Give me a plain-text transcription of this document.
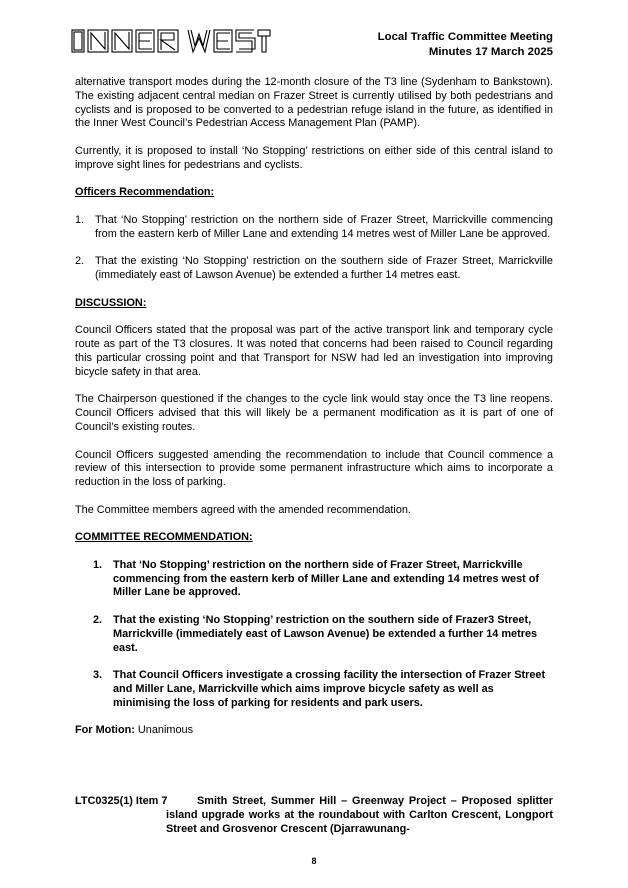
Local Traffic Committee Meeting
Minutes 17 March 2025

alternative transport modes during the 12-month closure of the T3 line (Sydenham to Bankstown). The existing adjacent central median on Frazer Street is currently utilised by both pedestrians and cyclists and is proposed to be converted to a pedestrian refuge island in the future, as identified in the Inner West Council’s Pedestrian Access Management Plan (PAMP).

Currently, it is proposed to install ‘No Stopping’ restrictions on either side of this central island to improve sight lines for pedestrians and cyclists.

Officers Recommendation:
1. That ‘No Stopping’ restriction on the northern side of Frazer Street, Marrickville commencing from the eastern kerb of Miller Lane and extending 14 metres west of Miller Lane be approved.
2. That the existing ‘No Stopping’ restriction on the southern side of Frazer Street, Marrickville (immediately east of Lawson Avenue) be extended a further 14 metres east.
DISCUSSION:

Council Officers stated that the proposal was part of the active transport link and temporary cycle route as part of the T3 closures. It was noted that concerns had been raised to Council regarding this particular crossing point and that Transport for NSW had led an investigation into improving bicycle safety in that area.

The Chairperson questioned if the changes to the cycle link would stay once the T3 line reopens. Council Officers advised that this will likely be a permanent modification as it is part of one of Council’s existing routes.

Council Officers suggested amending the recommendation to include that Council commence a review of this intersection to provide some permanent infrastructure which aims to incorporate a reduction in the loss of parking.

The Committee members agreed with the amended recommendation.

COMMITTEE RECOMMENDATION:
1. That ‘No Stopping’ restriction on the northern side of Frazer Street, Marrickville commencing from the eastern kerb of Miller Lane and extending 14 metres west of Miller Lane be approved.
2. That the existing ‘No Stopping’ restriction on the southern side of Frazer3 Street, Marrickville (immediately east of Lawson Avenue) be extended a further 14 metres east.
3. That Council Officers investigate a crossing facility the intersection of Frazer Street and Miller Lane, Marrickville which aims improve bicycle safety as well as minimising the loss of parking for residents and park users.

For Motion: Unanimous

LTC0325(1) Item 7	Smith Street, Summer Hill – Greenway Project – Proposed splitter island upgrade works at the roundabout with Carlton Crescent, Longport Street and Grosvenor Crescent (Djarrawunang-
8
